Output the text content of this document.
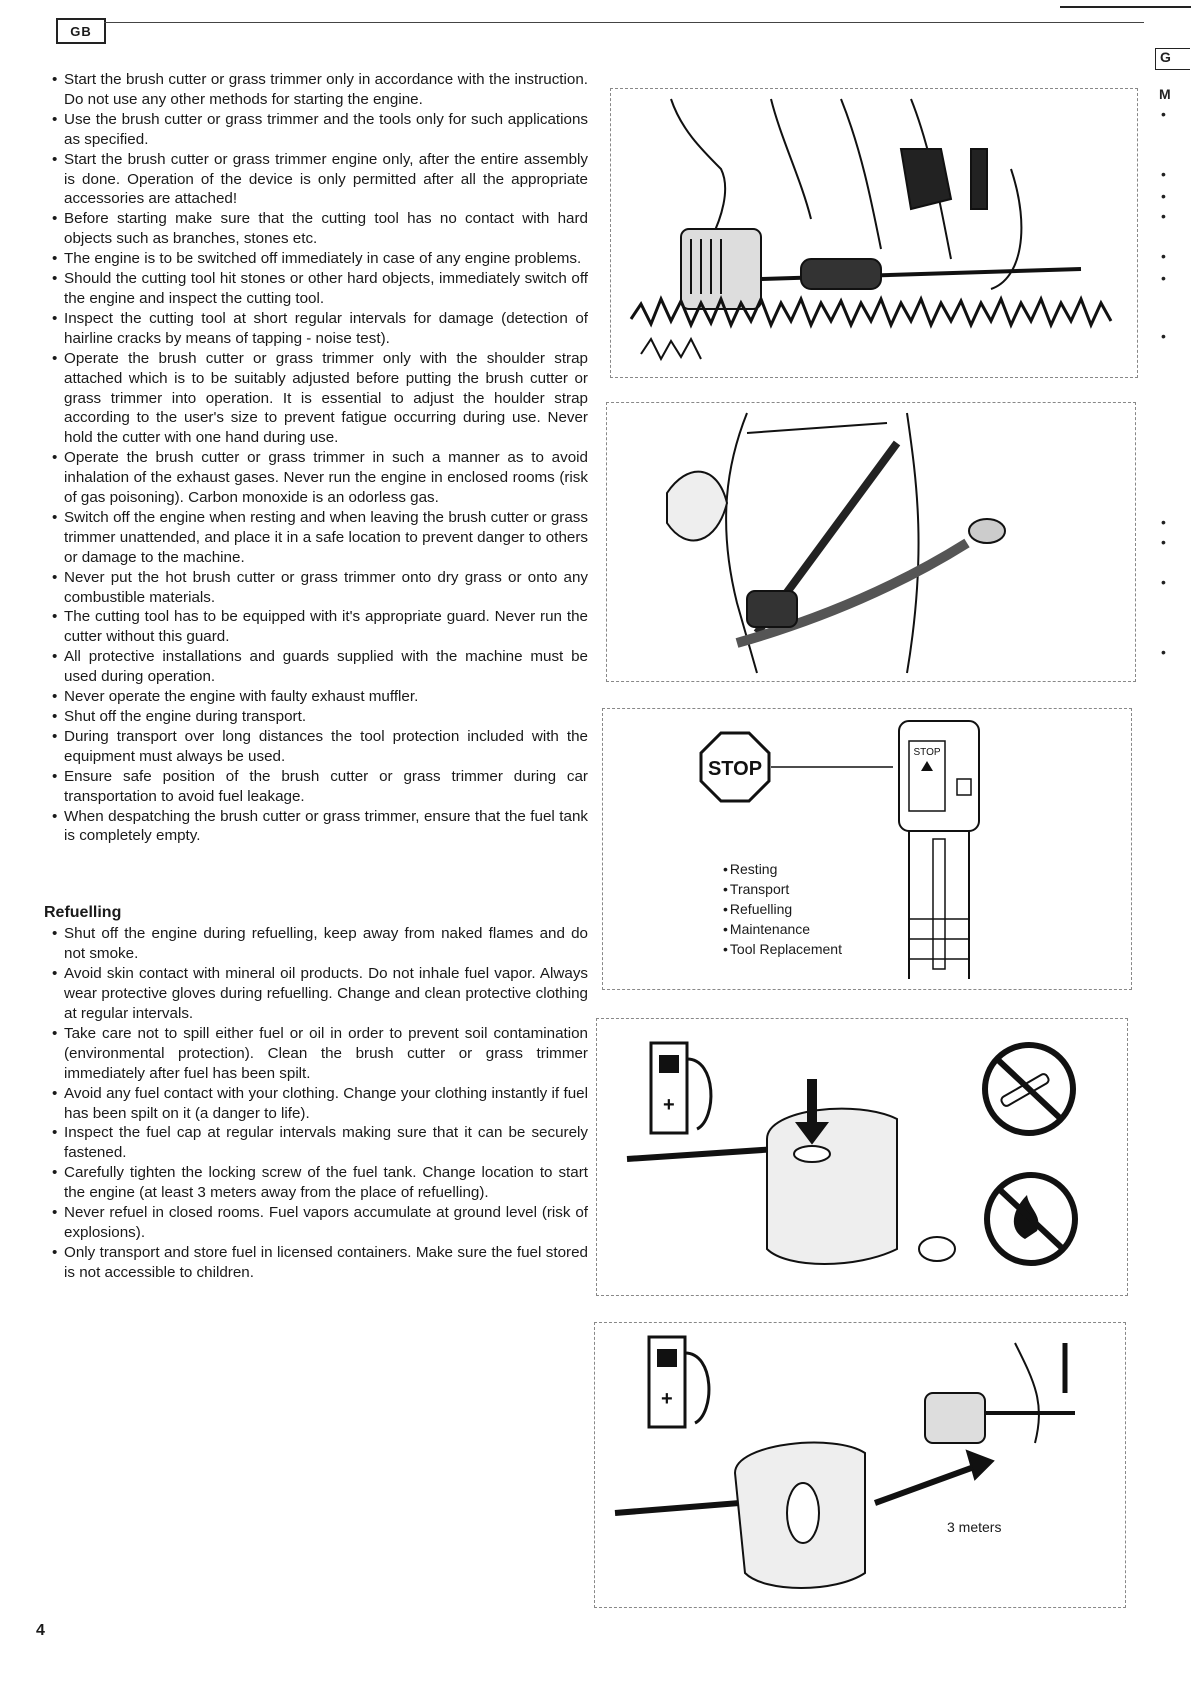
GB
• Start the brush cutter or grass trimmer only in accordance with the instruction. Do not use any other methods for starting the engine.
• Use the brush cutter or grass trimmer and the tools only for such applications as specified.
• Start the brush cutter or grass trimmer engine only, after the entire assembly is done. Operation of the device is only permitted after all the appropriate accessories are attached!
• Before starting make sure that the cutting tool has no contact with hard objects such as branches, stones etc.
• The engine is to be switched off immediately in case of any engine problems.
• Should the cutting tool hit stones or other hard objects, immediately switch off the engine and inspect the cutting tool.
• Inspect the cutting tool at short regular intervals for damage (detection of hairline cracks by means of tapping - noise test).
• Operate the brush cutter or grass trimmer only with the shoulder strap attached which is to be suitably adjusted before putting the brush cutter or grass trimmer into operation. It is essential to adjust the houlder strap according to the user's size to prevent fatigue occurring during use. Never hold the cutter with one hand during use.
• Operate the brush cutter or grass trimmer in such a manner as to avoid inhalation of the exhaust gases. Never run the engine in enclosed rooms (risk of gas poisoning). Carbon monoxide is an odorless gas.
• Switch off the engine when resting and when leaving the brush cutter or grass trimmer unattended, and place it in a safe location to prevent danger to others or damage to the machine.
• Never put the hot brush cutter or grass trimmer onto dry grass or onto any combustible materials.
• The cutting tool has to be equipped with it's appropriate guard. Never run the cutter without this guard.
• All protective installations and guards supplied with the machine must be used during operation.
• Never operate the engine with faulty exhaust muffler.
• Shut off the engine during transport.
• During transport over long distances the tool protection included with the equipment must always be used.
• Ensure safe position of the brush cutter or grass trimmer during car transportation to avoid fuel leakage.
• When despatching the brush cutter or grass trimmer, ensure that the fuel tank is completely empty.
Refuelling
• Shut off the engine during refuelling, keep away from naked flames and do not smoke.
• Avoid skin contact with mineral oil products. Do not inhale fuel vapor. Always wear protective gloves during refuelling. Change and clean protective clothing at regular intervals.
• Take care not to spill either fuel or oil in order to prevent soil contamination (environmental protection). Clean the brush cutter or grass trimmer immediately after fuel has been spilt.
• Avoid any fuel contact with your clothing. Change your clothing instantly if fuel has been spilt on it (a danger to life).
• Inspect the fuel cap at regular intervals making sure that it can be securely fastened.
• Carefully tighten the locking screw of the fuel tank. Change location to start the engine (at least 3 meters away from the place of refuelling).
• Never refuel in closed rooms. Fuel vapors accumulate at ground level (risk of explosions).
• Only transport and store fuel in licensed containers. Make sure the fuel stored is not accessible to children.
STOP
STOP
• Resting
• Transport
• Refuelling
• Maintenance
• Tool Replacement
+
+
3 meters
G
M
•
•
•
•
•
•
•
•
•
•
•
4
